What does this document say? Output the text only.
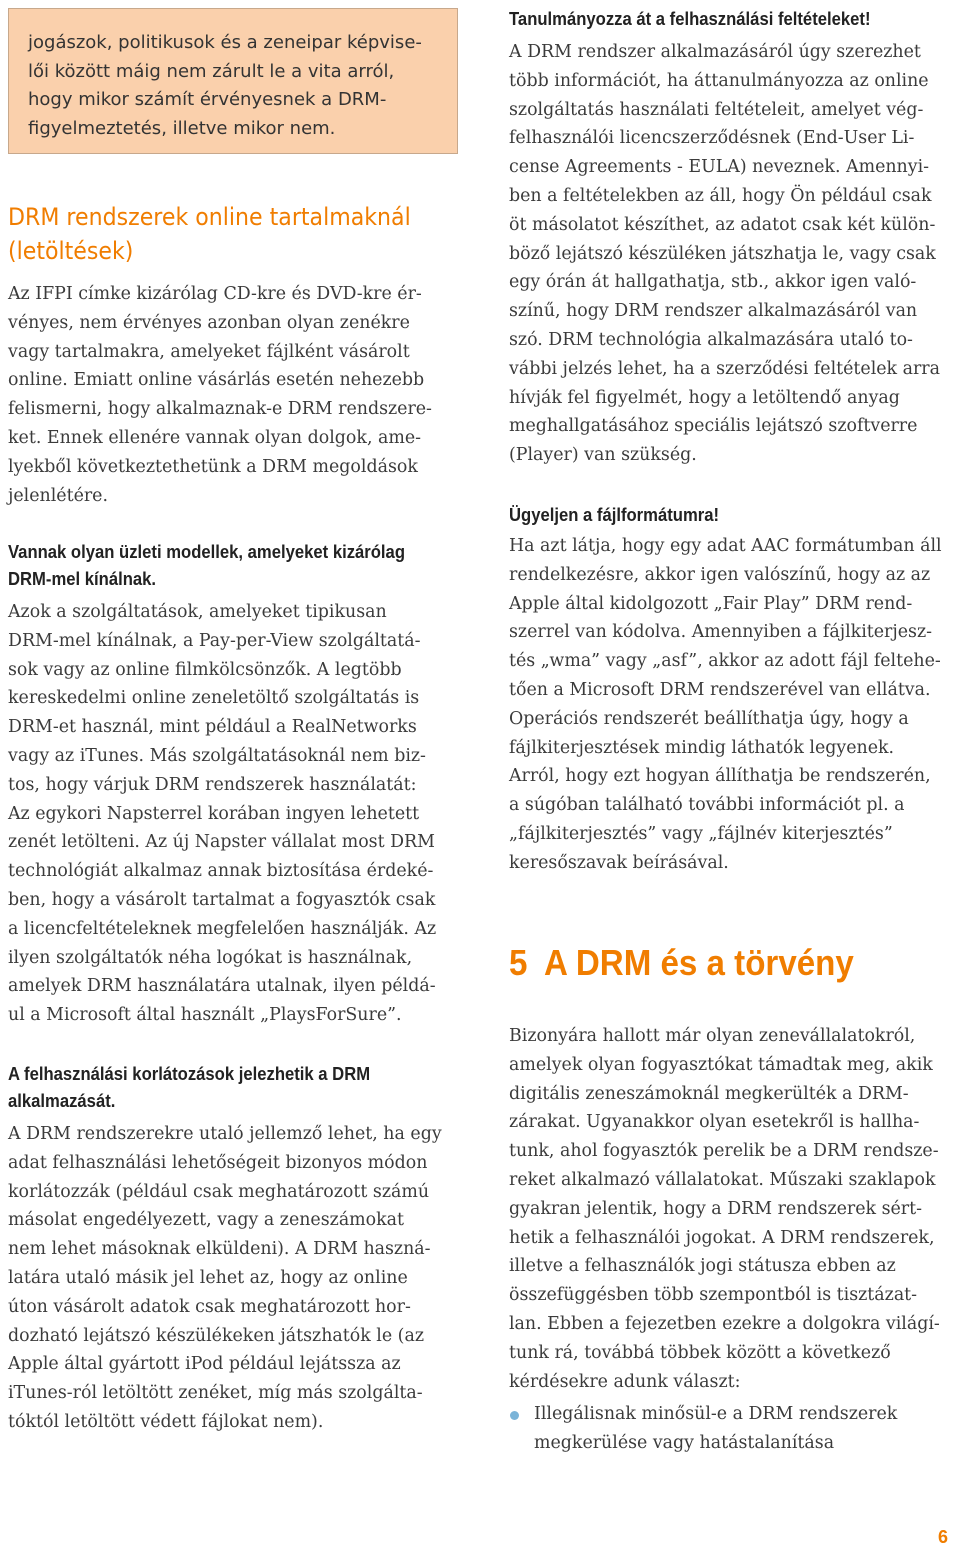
jogászok, politikusok és a zeneipar képvise-
lői között máig nem zárult le a vita arról,
hogy mikor számít érvényesnek a DRM-
figyelmeztetés, illetve mikor nem.
DRM rendszerek online tartalmaknál
(letöltések)

Az IFPI címke kizárólag CD-kre és DVD-kre ér-

vényes, nem érvényes azonban olyan zenékre

vagy tartalmakra, amelyeket fájlként vásárolt

online. Emiatt online vásárlás esetén nehezebb

felismerni, hogy alkalmaznak-e DRM rendszere-

ket. Ennek ellenére vannak olyan dolgok, ame-

lyekből következtethetünk a DRM megoldások

jelenlétére.

Vannak olyan üzleti modellek, amelyeket kizárólag
DRM-mel kínálnak.

Azok a szolgáltatások, amelyeket tipikusan

DRM-mel kínálnak, a Pay-per-View szolgáltatá-

sok vagy az online filmkölcsönzők. A legtöbb

kereskedelmi online zeneletöltő szolgáltatás is

DRM-et használ, mint például a RealNetworks

vagy az iTunes. Más szolgáltatásoknál nem biz-

tos, hogy várjuk DRM rendszerek használatát:

Az egykori Napsterrel korában ingyen lehetett

zenét letölteni. Az új Napster vállalat most DRM

technológiát alkalmaz annak biztosítása érdeké-

ben, hogy a vásárolt tartalmat a fogyasztók csak

a licencfeltételeknek megfelelően használják. Az

ilyen szolgáltatók néha logókat is használnak,

amelyek DRM használatára utalnak, ilyen példá-

ul a Microsoft által használt „PlaysForSure”.

A felhasználási korlátozások jelezhetik a DRM
alkalmazását.

A DRM rendszerekre utaló jellemző lehet, ha egy

adat felhasználási lehetőségeit bizonyos módon

korlátozzák (például csak meghatározott számú

másolat engedélyezett, vagy a zeneszámokat

nem lehet másoknak elküldeni). A DRM haszná-

latára utaló másik jel lehet az, hogy az online

úton vásárolt adatok csak meghatározott hor-

dozható lejátszó készülékeken játszhatók le (az

Apple által gyártott iPod például lejátssza az

iTunes-ról letöltött zenéket, míg más szolgálta-

tóktól letöltött védett fájlokat nem).

Tanulmányozza át a felhasználási feltételeket!

A DRM rendszer alkalmazásáról úgy szerezhet

több információt, ha áttanulmányozza az online

szolgáltatás használati feltételeit, amelyet vég-

felhasználói licencszerződésnek (End-User Li-

cense Agreements - EULA) neveznek. Amennyi-

ben a feltételekben az áll, hogy Ön például csak

öt másolatot készíthet, az adatot csak két külön-

böző lejátszó készüléken játszhatja le, vagy csak

egy órán át hallgathatja, stb., akkor igen való-

színű, hogy DRM rendszer alkalmazásáról van

szó. DRM technológia alkalmazására utaló to-

vábbi jelzés lehet, ha a szerződési feltételek arra

hívják fel figyelmét, hogy a letöltendő anyag

meghallgatásához speciális lejátszó szoftverre

(Player) van szükség.

Ügyeljen a fájlformátumra!

Ha azt látja, hogy egy adat AAC formátumban áll

rendelkezésre, akkor igen valószínű, hogy az az

Apple által kidolgozott „Fair Play” DRM rend-

szerrel van kódolva. Amennyiben a fájlkiterjesz-

tés „wma” vagy „asf”, akkor az adott fájl feltehe-

tően a Microsoft DRM rendszerével van ellátva.

Operációs rendszerét beállíthatja úgy, hogy a

fájlkiterjesztések mindig láthatók legyenek.

Arról, hogy ezt hogyan állíthatja be rendszerén,

a súgóban található további információt pl. a

„fájlkiterjesztés” vagy „fájlnév kiterjesztés”

keresőszavak beírásával.

5 A DRM és a törvény

Bizonyára hallott már olyan zenevállalatokról,

amelyek olyan fogyasztókat támadtak meg, akik

digitális zeneszámoknál megkerülték a DRM-

zárakat. Ugyanakkor olyan esetekről is hallha-

tunk, ahol fogyasztók perelik be a DRM rendsze-

reket alkalmazó vállalatokat. Műszaki szaklapok

gyakran jelentik, hogy a DRM rendszerek sért-

hetik a felhasználói jogokat. A DRM rendszerek,

illetve a felhasználók jogi státusza ebben az

összefüggésben több szempontból is tisztázat-

lan. Ebben a fejezetben ezekre a dolgokra világí-

tunk rá, továbbá többek között a következő

kérdésekre adunk választ:

Illegálisnak minősül-e a DRM rendszerek
megkerülése vagy hatástalanítása
6
